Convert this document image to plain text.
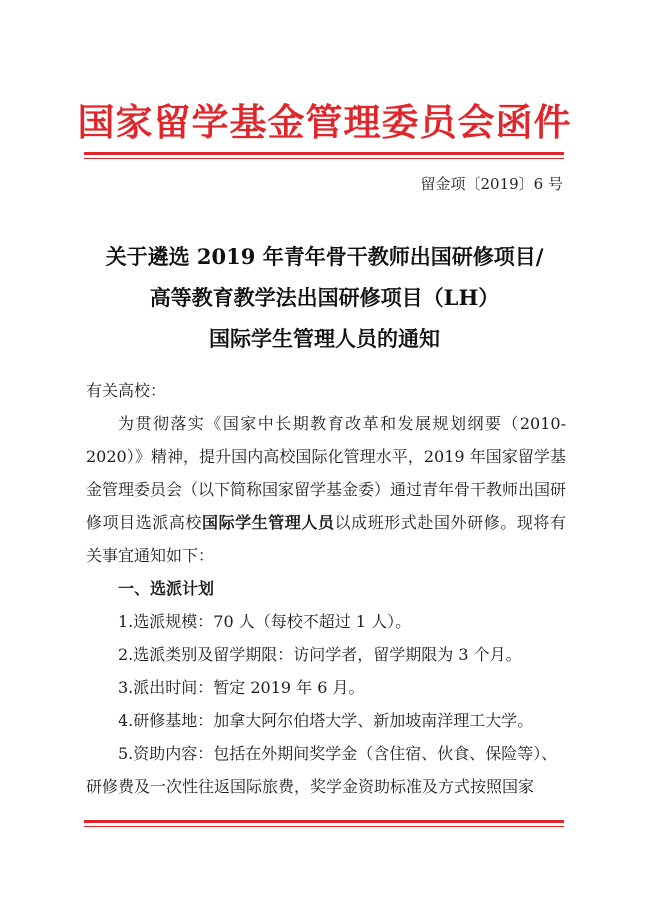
国家留学基金管理委员会函件
留金项〔2019〕6 号
关于遴选 2019 年青年骨干教师出国研修项目/
高等教育教学法出国研修项目（LH）
国际学生管理人员的通知
有关高校：

为贯彻落实《国家中长期教育改革和发展规划纲要（2010-2020）》精神，提升国内高校国际化管理水平，2019 年国家留学基金管理委员会（以下简称国家留学基金委）通过青年骨干教师出国研修项目选派高校国际学生管理人员以成班形式赴国外研修。现将有关事宜通知如下：

一、选派计划
1.选派规模：70 人（每校不超过 1 人）。
2.选派类别及留学期限：访问学者，留学期限为 3 个月。
3.派出时间：暂定 2019 年 6 月。
4.研修基地：加拿大阿尔伯塔大学、新加坡南洋理工大学。
5.资助内容：包括在外期间奖学金（含住宿、伙食、保险等）、
研修费及一次性往返国际旅费，奖学金资助标准及方式按照国家
